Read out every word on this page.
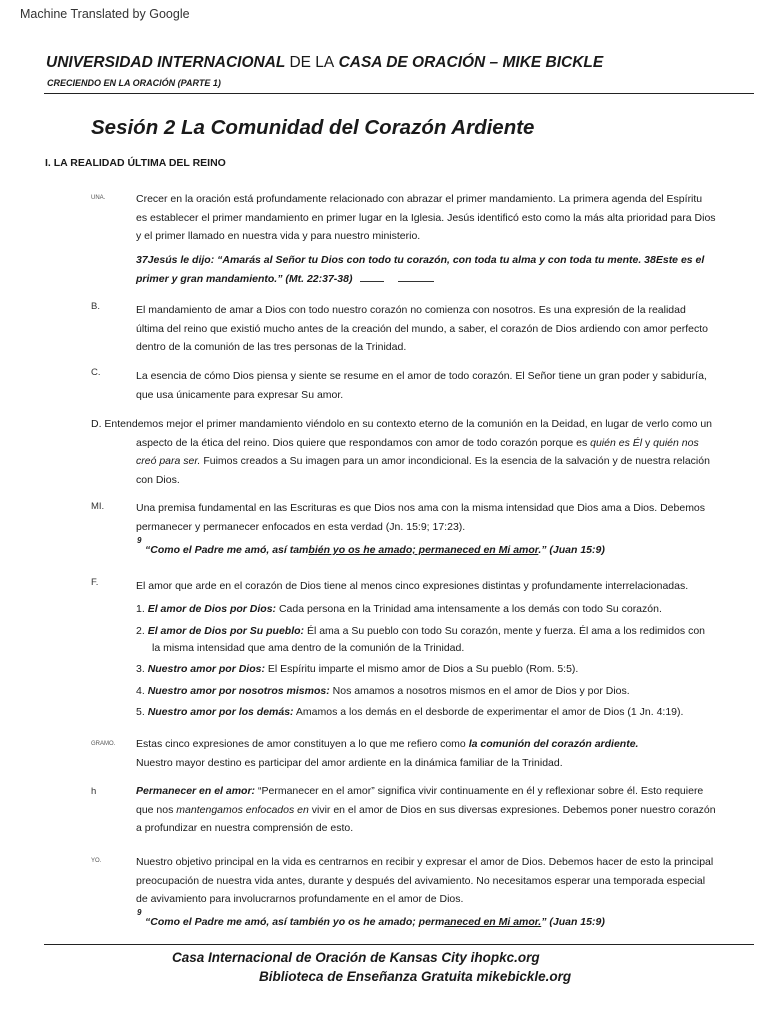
Machine Translated by Google
UNIVERSIDAD INTERNACIONAL DE LA CASA DE ORACIÓN – MIKE BICKLE
CRECIENDO EN LA ORACIÓN (PARTE 1)
Sesión 2 La Comunidad del Corazón Ardiente
I. LA REALIDAD ÚLTIMA DEL REINO
UNA.	Crecer en la oración está profundamente relacionado con abrazar el primer mandamiento. La primera agenda del Espíritu es establecer el primer mandamiento en primer lugar en la Iglesia. Jesús identificó esto como la más alta prioridad para Dios y el primer llamado en nuestra vida y para nuestro ministerio.
37Jesús le dijo: “Amarás al Señor tu Dios con todo tu corazón, con toda tu alma y con toda tu mente. 38Este es el primer y gran mandamiento.” (Mt. 22:37-38)
B.	El mandamiento de amar a Dios con todo nuestro corazón no comienza con nosotros. Es una expresión de la realidad última del reino que existió mucho antes de la creación del mundo, a saber, el corazón de Dios ardiendo con amor perfecto dentro de la comunión de las tres personas de la Trinidad.
C.	La esencia de cómo Dios piensa y siente se resume en el amor de todo corazón. El Señor tiene un gran poder y sabiduría, que usa únicamente para expresar Su amor.
D. Entendemos mejor el primer mandamiento viéndolo en su contexto eterno de la comunión en la Deidad, en lugar de verlo como un
aspecto de la ética del reino. Dios quiere que respondamos con amor de todo corazón porque es quién es Él y quién nos
creó para ser. Fuimos creados a Su imagen para un amor incondicional. Es la esencia de la salvación y de nuestra relación
con Dios.
MI.	Una premisa fundamental en las Escrituras es que Dios nos ama con la misma intensidad que Dios ama a Dios. Debemos permanecer y permanecer enfocados en esta verdad (Jn. 15:9; 17:23).
9
“Como el Padre me amó, así también yo os he amado; permaneced en Mi amor.” (Juan 15:9)
F.	El amor que arde en el corazón de Dios tiene al menos cinco expresiones distintas y profundamente interrelacionadas.
1. El amor de Dios por Dios: Cada persona en la Trinidad ama intensamente a los demás con todo Su corazón.
2. El amor de Dios por Su pueblo: Él ama a Su pueblo con todo Su corazón, mente y fuerza. Él ama a los redimidos con
la misma intensidad que ama dentro de la comunión de la Trinidad.
3. Nuestro amor por Dios: El Espíritu imparte el mismo amor de Dios a Su pueblo (Rom. 5:5).
4. Nuestro amor por nosotros mismos: Nos amamos a nosotros mismos en el amor de Dios y por Dios.
5. Nuestro amor por los demás: Amamos a los demás en el desborde de experimentar el amor de Dios (1 Jn. 4:19).
GRAMO. Estas cinco expresiones de amor constituyen a lo que me refiero como la comunión del corazón ardiente.
Nuestro mayor destino es participar del amor ardiente en la dinámica familiar de la Trinidad.
h	Permanecer en el amor: “Permanecer en el amor” significa vivir continuamente en él y reflexionar sobre él. Esto requiere
que nos mantengamos enfocados en vivir en el amor de Dios en sus diversas expresiones. Debemos poner nuestro corazón
a profundizar en nuestra comprensión de esto.
YO.	Nuestro objetivo principal en la vida es centrarnos en recibir y expresar el amor de Dios. Debemos hacer de esto la principal preocupación de nuestra vida antes, durante y después del avivamiento. No necesitamos esperar una temporada especial de avivamiento para involucrarnos profundamente en el amor de Dios.
9
“Como el Padre me amó, así también yo os he amado; permaneced en Mi amor.” (Juan 15:9)
Casa Internacional de Oración de Kansas City ihopkc.org
Biblioteca de Enseñanza Gratuita mikebickle.org
